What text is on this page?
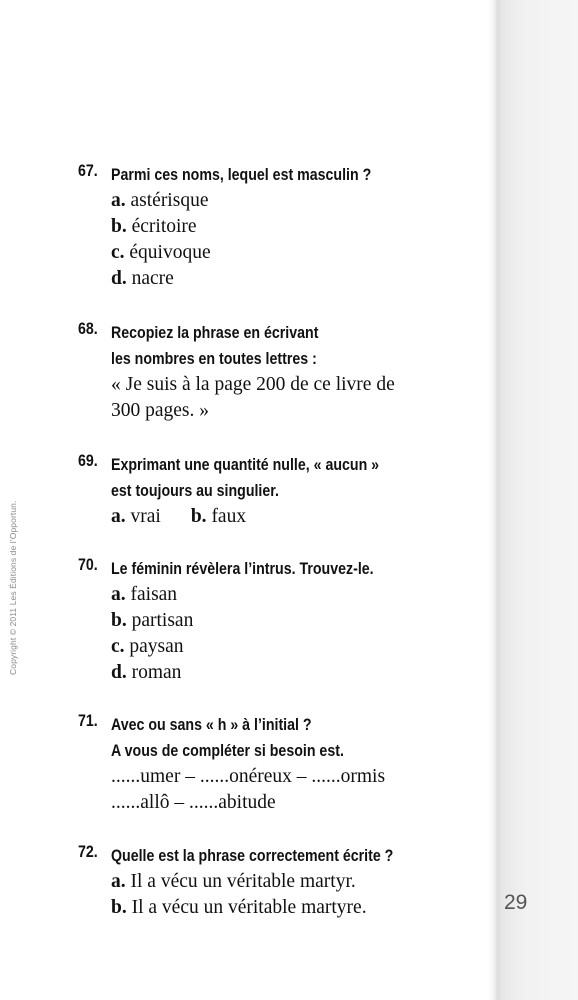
Copyright © 2011 Les Éditions de l’Opportun.
29
67. Parmi ces noms, lequel est masculin ?
a. astérisque
b. écritoire
c. équivoque
d. nacre
68. Recopiez la phrase en écrivant
les nombres en toutes lettres :
« Je suis à la page 200 de ce livre de
300 pages. »
69. Exprimant une quantité nulle, « aucun »
est toujours au singulier.
a. vrai b. faux
70. Le féminin révèlera l’intrus. Trouvez-le.
a. faisan
b. partisan
c. paysan
d. roman
71. Avec ou sans « h » à l’initial ?
A vous de compléter si besoin est.
......umer – ......onéreux – ......ormis
......allô – ......abitude
72. Quelle est la phrase correctement écrite ?
a. Il a vécu un véritable martyr.
b. Il a vécu un véritable martyre.
